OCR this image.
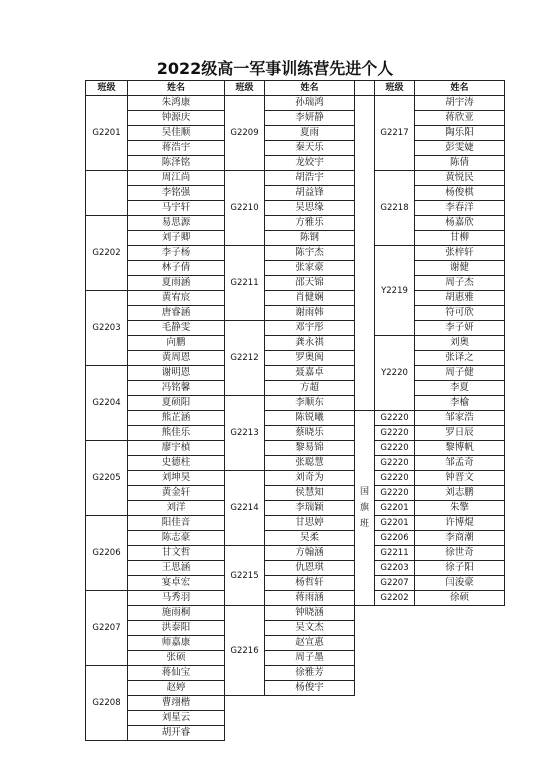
2022级高一军事训练营先进个人
班级	姓名
G2201	朱鸿康
	钟源庆
	吴佳顺
	蒋浩宇
	陈泽铭
	周江尚
	李铭强
	马宇轩
G2202	易思源
	刘子卿
	李子杨
	林子倩
	夏雨涵
G2203	黄宥宸
	唐睿涵
	毛静雯
	向鹏
	黄周恩
G2204	谢明恩
	冯铭馨
	夏硕阳
	熊芷涵
	熊佳乐
G2205	廖宇楨
	史德柱
	刘坤昊
	黄金轩
	刘洋
G2206	阳佳音
	陈志豪
	甘文哲
	王思涵
	宴卓宏
G2207	马秀羽
	施雨桐
	洪泰阳
	师嘉康
	张硕
G2208	蒋仙宝
	赵婷
	曹翊楷
	刘星云
	胡开睿
班级	姓名
G2209	孙瑞鸿
	李妍静
	夏雨
	秦天乐
	龙姣宇
G2210	胡浩宇
	胡益锋
	吴思缘
	方雅乐
	陈钢
G2211	陈宇杰
	张家豪
	邵天锦
	肖健娴
	谢雨韩
G2212	邓宇彤
	龚永祺
	罗奥闽
	聂嘉卓
	方超
G2213	李顺东
	陈锐曦
	蔡晓乐
	黎易锦
	张聪慧
G2214	刘奇为
	侯慧知
	李瑞颖
	甘思婷
	吴柔
G2215	方翰涵
	仇恩琪
	杨哲轩
	蒋雨涵
G2216	钟晓涵
	吴文杰
	赵宣惠
	周子墨
	徐雅芳
	杨俊宇
	班级	姓名
	G2217	胡宇涛
		蒋欣亚
		陶乐阳
		彭雯婕
		陈倩
	G2218	黄悦民
		杨俊棋
		李春洋
		杨嘉欣
		甘柳
	Y2219	张梓轩
		谢健
		周子杰
		胡惠雅
		符可欣
		李子妍
	Y2220	刘奥
		张译之
		周子健
		李夏
		李榆
国旗班	G2220	邹家浩
	G2220	罗日辰
	G2220	黎博帆
	G2220	邹孟奇
	G2220	钟晋文
	G2220	刘志鹏
	G2201	朱擎
	G2201	许博焜
	G2206	李商潮
	G2211	徐世奇
	G2203	徐子阳
	G2207	闫浚豪
	G2202	徐硕
